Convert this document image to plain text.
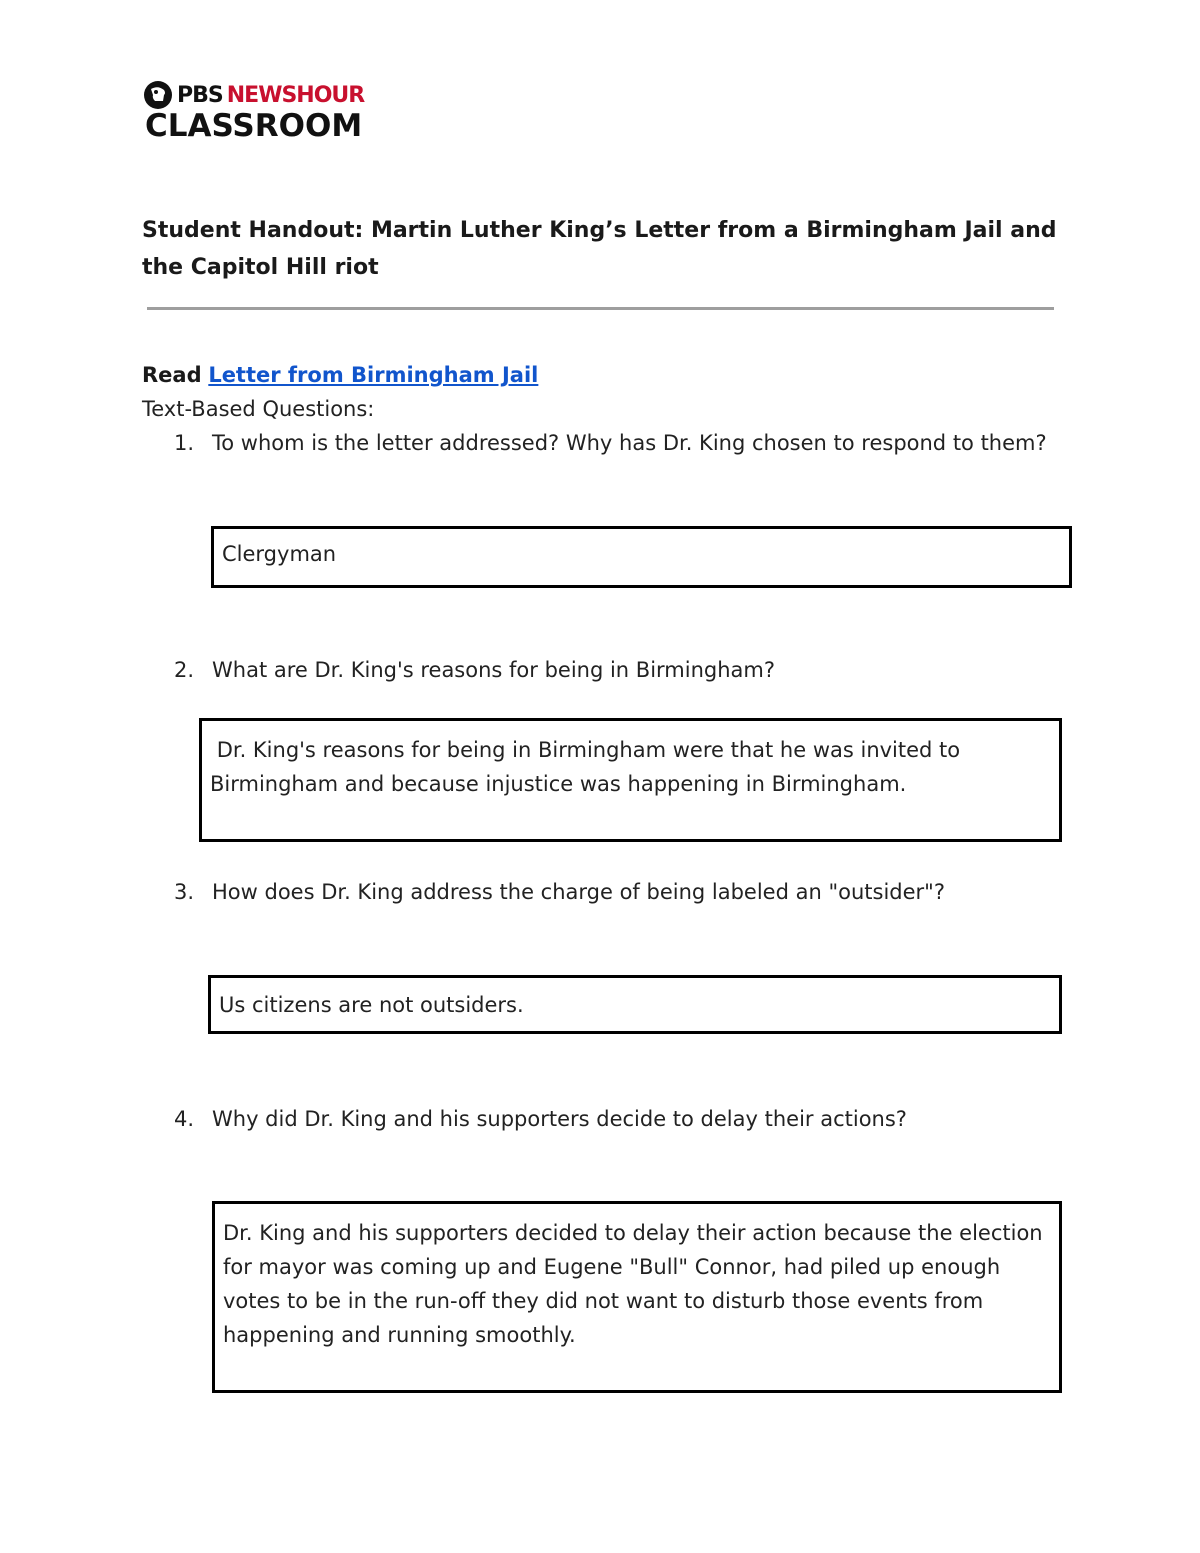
PBS NEWSHOUR
CLASSROOM
Student Handout: Martin Luther King’s Letter from a Birmingham Jail and the Capitol Hill riot
Read Letter from Birmingham Jail
Text-Based Questions:
1. To whom is the letter addressed? Why has Dr. King chosen to respond to them?
Clergyman
2. What are Dr. King's reasons for being in Birmingham?
Dr. King's reasons for being in Birmingham were that he was invited to Birmingham and because injustice was happening in Birmingham.
3. How does Dr. King address the charge of being labeled an "outsider"?
Us citizens are not outsiders.
4. Why did Dr. King and his supporters decide to delay their actions?
Dr. King and his supporters decided to delay their action because the election for mayor was coming up and Eugene "Bull" Connor, had piled up enough votes to be in the run-off they did not want to disturb those events from happening and running smoothly.
